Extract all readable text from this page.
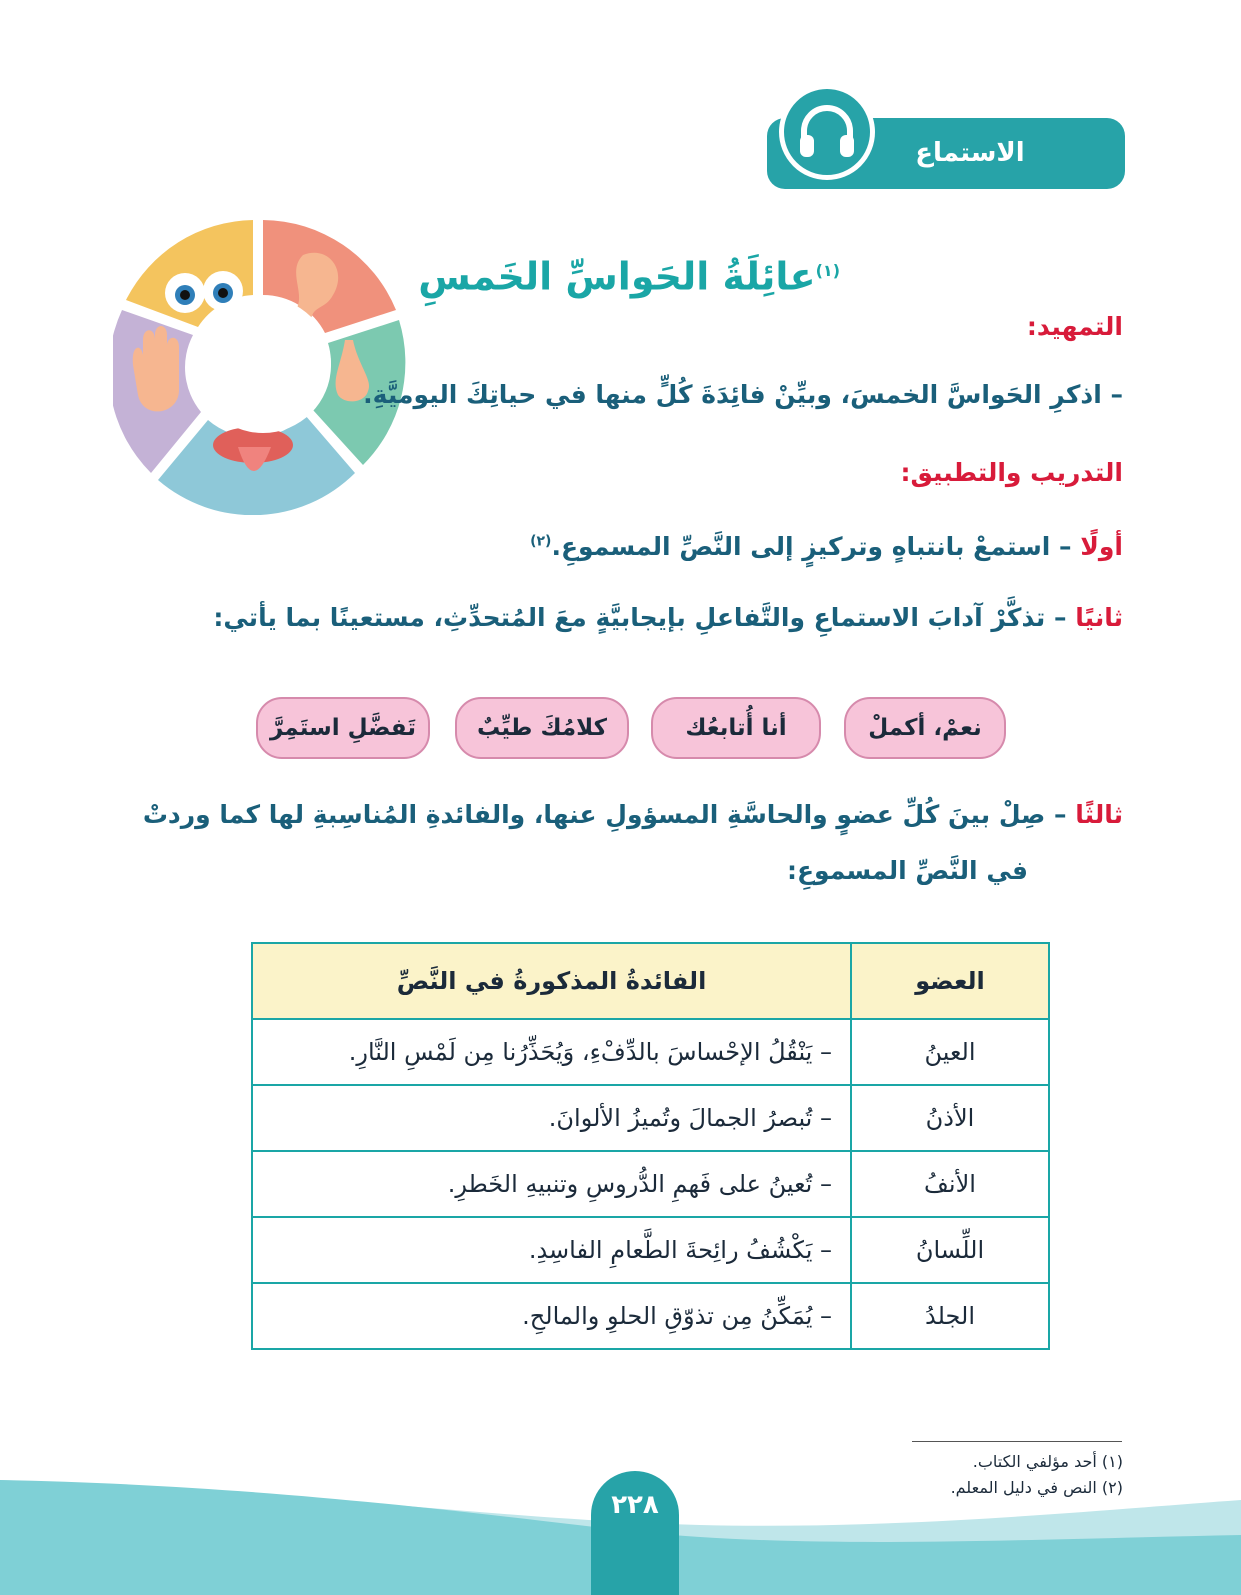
الاستماع
$^{(١)}$عائِلَةُ الحَواسِّ الخَمسِ
التمهيد:
– اذكرِ الحَواسَّ الخمسَ، وبيِّنْ فائِدَةَ كُلٍّ منها في حياتِكَ اليوميَّةِ.
التدريب والتطبيق:
أولًا – استمعْ بانتباهٍ وتركيزٍ إلى النَّصِّ المسموعِ.$^{(٢)}$
ثانيًا – تذكَّرْ آدابَ الاستماعِ والتَّفاعلِ بإيجابيَّةٍ معَ المُتحدِّثِ، مستعينًا بما يأتي:
نعمْ، أكملْ
أنا أُتابعُك
كلامُكَ طيِّبٌ
تَفضَّلِ استَمِرَّ
ثالثًا – صِلْ بينَ كُلِّ عضوٍ والحاسَّةِ المسؤولِ عنها، والفائدةِ المُناسِبةِ لها كما وردتْ
في النَّصِّ المسموعِ:
العضو	الفائدةُ المذكورةُ في النَّصِّ
العينُ	– يَنْقُلُ الإحْساسَ بالدِّفْءِ، وَيُحَذِّرُنا مِن لَمْسِ النَّارِ.
الأذنُ	– تُبصرُ الجمالَ وتُميزُ الألوانَ.
الأنفُ	– تُعينُ على فَهمِ الدُّروسِ وتنبيهِ الخَطرِ.
اللِّسانُ	– يَكْشُفُ رائِحةَ الطَّعامِ الفاسِدِ.
الجلدُ	– يُمَكِّنُ مِن تذوّقِ الحلوِ والمالحِ.
(١) أحد مؤلفي الكتاب.
(٢) النص في دليل المعلم.
٢٢٨
